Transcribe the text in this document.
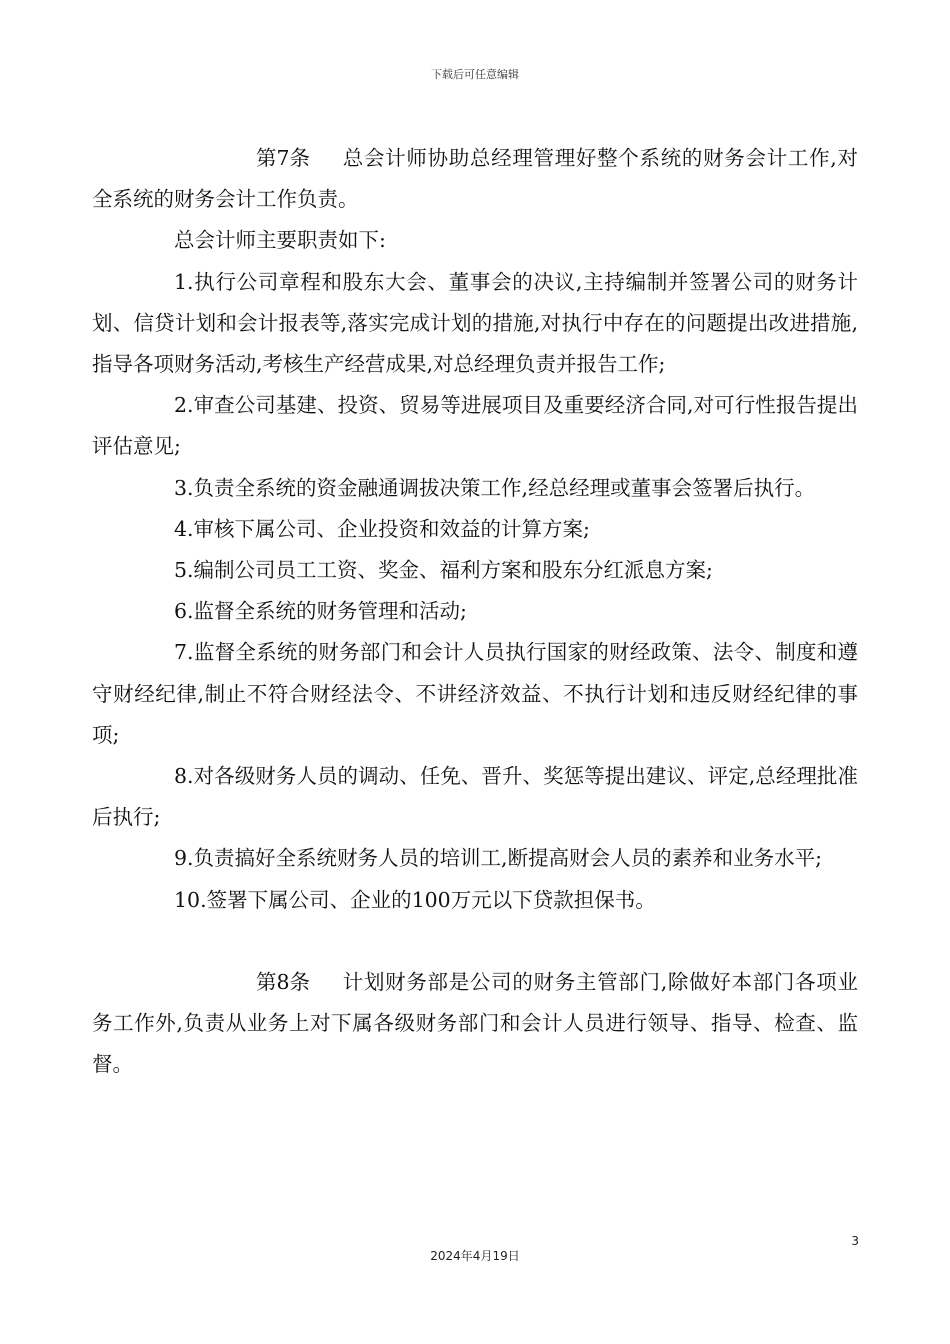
下载后可任意编辑

第7条 总会计师协助总经理管理好整个系统的财务会计工作,对全系统的财务会计工作负责。

总会计师主要职责如下:

1.执行公司章程和股东大会、董事会的决议,主持编制并签署公司的财务计划、信贷计划和会计报表等,落实完成计划的措施,对执行中存在的问题提出改进措施,指导各项财务活动,考核生产经营成果,对总经理负责并报告工作;

2.审查公司基建、投资、贸易等进展项目及重要经济合同,对可行性报告提出评估意见;

3.负责全系统的资金融通调拔决策工作,经总经理或董事会签署后执行。

4.审核下属公司、企业投资和效益的计算方案;

5.编制公司员工工资、奖金、福利方案和股东分红派息方案;

6.监督全系统的财务管理和活动;

7.监督全系统的财务部门和会计人员执行国家的财经政策、法令、制度和遵守财经纪律,制止不符合财经法令、不讲经济效益、不执行计划和违反财经纪律的事项;

8.对各级财务人员的调动、任免、晋升、奖惩等提出建议、评定,总经理批准后执行;

9.负责搞好全系统财务人员的培训工,断提高财会人员的素养和业务水平;

10.签署下属公司、企业的100万元以下贷款担保书。

第8条 计划财务部是公司的财务主管部门,除做好本部门各项业务工作外,负责从业务上对下属各级财务部门和会计人员进行领导、指导、检查、监督。

3
2024年4月19日
